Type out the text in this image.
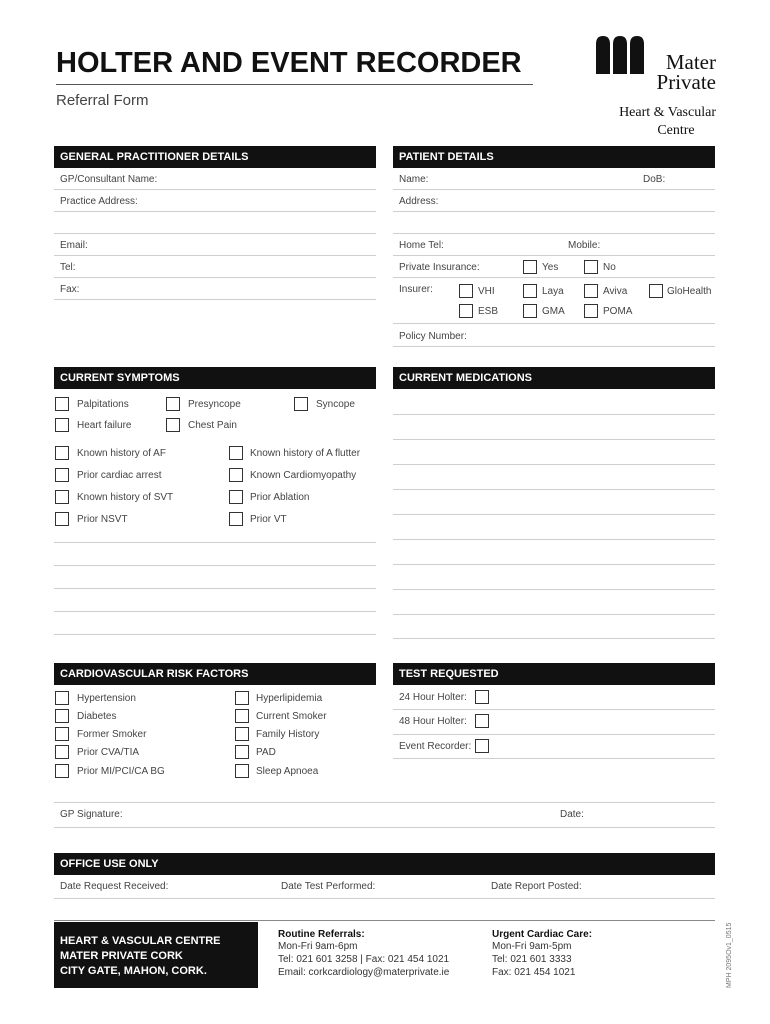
HOLTER AND EVENT RECORDER
Referral Form
Mater
Private
Heart & Vascular
Centre
GENERAL PRACTITIONER DETAILS
GP/Consultant Name:
Practice Address:
Email:
Tel:
Fax:
PATIENT DETAILS
Name:	DoB:
Address:
Home Tel:	Mobile:
Private Insurance:	Yes	No
Insurer:	VHI	Laya	Aviva	GloHealth
ESB	GMA	POMA
Policy Number:
CURRENT SYMPTOMS
Palpitations	Presyncope	Syncope
Heart failure	Chest Pain
Known history of AF
Prior cardiac arrest
Known history of SVT
Prior NSVT
Known history of A flutter
Known Cardiomyopathy
Prior Ablation
Prior VT
CURRENT MEDICATIONS
CARDIOVASCULAR RISK FACTORS
Hypertension
Diabetes
Former Smoker
Prior CVA/TIA
Prior MI/PCI/CA BG
Hyperlipidemia
Current Smoker
Family History
PAD
Sleep Apnoea
TEST REQUESTED
24 Hour Holter:
48 Hour Holter:
Event Recorder:
GP Signature:	Date:
OFFICE USE ONLY
Date Request Received:	Date Test Performed:	Date Report Posted:
HEART & VASCULAR CENTRE
MATER PRIVATE CORK
CITY GATE, MAHON, CORK.
Routine Referrals:
Mon-Fri 9am-6pm
Tel: 021 601 3258 | Fax: 021 454 1021
Email: corkcardiology@materprivate.ie
Urgent Cardiac Care:
Mon-Fri 9am-5pm
Tel: 021 601 3333
Fax: 021 454 1021	MPH 2095Ov1_0515
